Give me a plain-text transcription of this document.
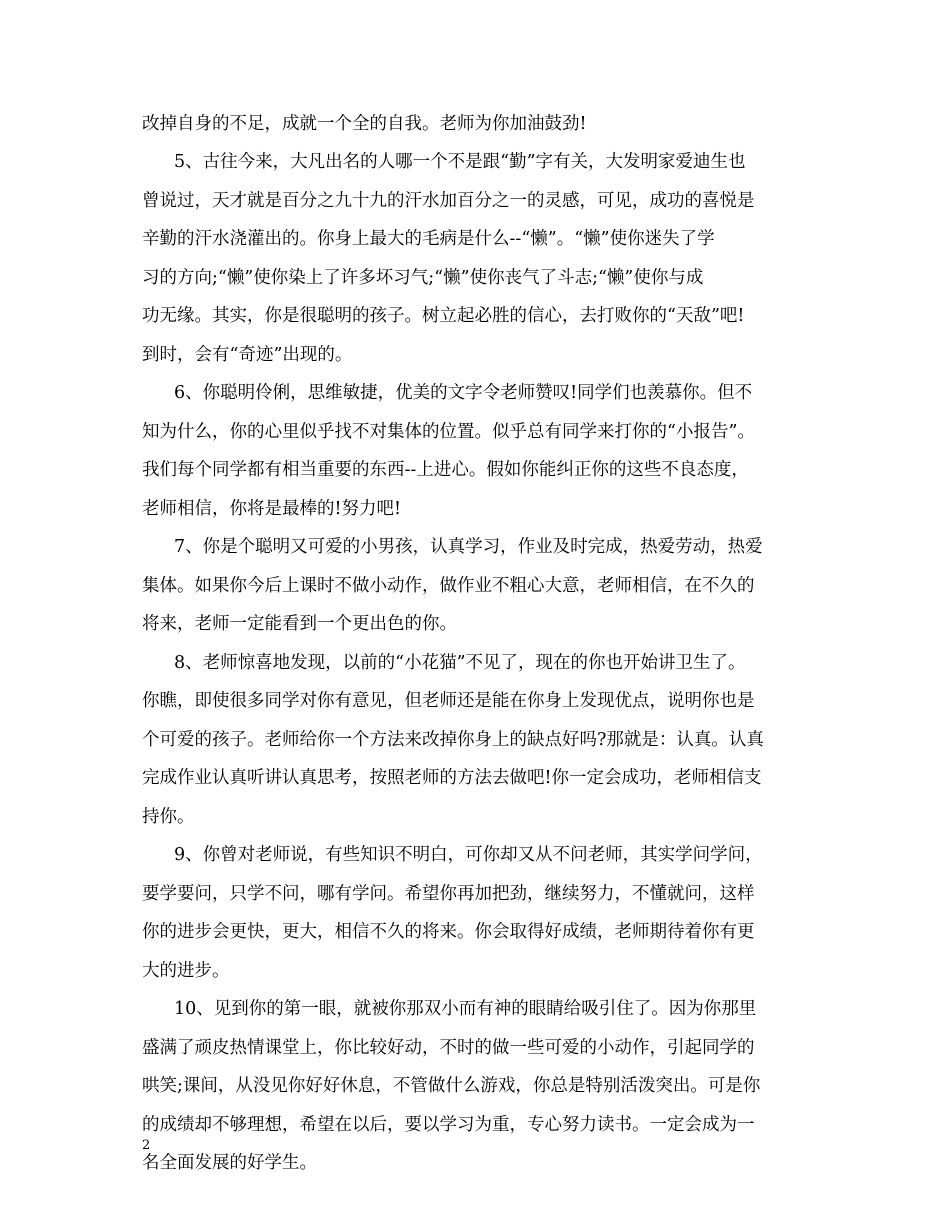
改掉自身的不足，成就一个全的自我。老师为你加油鼓劲!
5、古往今来，大凡出名的人哪一个不是跟“勤”字有关，大发明家爱迪生也
曾说过，天才就是百分之九十九的汗水加百分之一的灵感，可见，成功的喜悦是
辛勤的汗水浇灌出的。你身上最大的毛病是什么--“懒”。“懒”使你迷失了学
习的方向;“懒”使你染上了许多坏习气;“懒”使你丧气了斗志;“懒”使你与成
功无缘。其实，你是很聪明的孩子。树立起必胜的信心，去打败你的“天敌”吧!
到时，会有“奇迹”出现的。
6、你聪明伶俐，思维敏捷，优美的文字令老师赞叹!同学们也羡慕你。但不
知为什么，你的心里似乎找不对集体的位置。似乎总有同学来打你的“小报告”。
我们每个同学都有相当重要的东西--上进心。假如你能纠正你的这些不良态度，
老师相信，你将是最棒的!努力吧!
7、你是个聪明又可爱的小男孩，认真学习，作业及时完成，热爱劳动，热爱
集体。如果你今后上课时不做小动作，做作业不粗心大意，老师相信，在不久的
将来，老师一定能看到一个更出色的你。
8、老师惊喜地发现，以前的“小花猫”不见了，现在的你也开始讲卫生了。
你瞧，即使很多同学对你有意见，但老师还是能在你身上发现优点，说明你也是
个可爱的孩子。老师给你一个方法来改掉你身上的缺点好吗?那就是：认真。认真
完成作业认真听讲认真思考，按照老师的方法去做吧!你一定会成功，老师相信支
持你。
9、你曾对老师说，有些知识不明白，可你却又从不问老师，其实学问学问，
要学要问，只学不问，哪有学问。希望你再加把劲，继续努力，不懂就问，这样
你的进步会更快，更大，相信不久的将来。你会取得好成绩，老师期待着你有更
大的进步。
10、见到你的第一眼，就被你那双小而有神的眼睛给吸引住了。因为你那里
盛满了顽皮热情课堂上，你比较好动，不时的做一些可爱的小动作，引起同学的
哄笑;课间，从没见你好好休息，不管做什么游戏，你总是特别活泼突出。可是你
的成绩却不够理想，希望在以后，要以学习为重，专心努力读书。一定会成为一
名全面发展的好学生。
2
